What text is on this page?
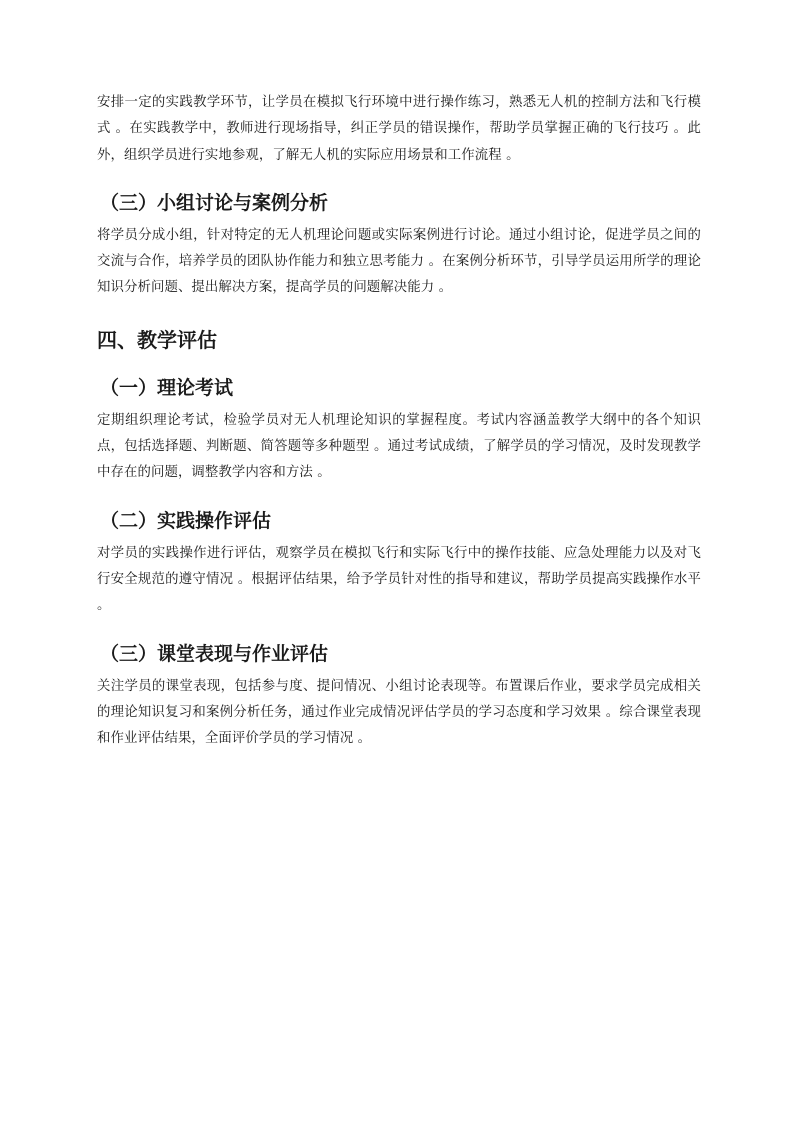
安排一定的实践教学环节，让学员在模拟飞行环境中进行操作练习，熟悉无人机的控制方法和飞行模式 。在实践教学中，教师进行现场指导，纠正学员的错误操作，帮助学员掌握正确的飞行技巧 。此外，组织学员进行实地参观，了解无人机的实际应用场景和工作流程 。

（三）小组讨论与案例分析

将学员分成小组，针对特定的无人机理论问题或实际案例进行讨论。通过小组讨论，促进学员之间的交流与合作，培养学员的团队协作能力和独立思考能力 。在案例分析环节，引导学员运用所学的理论知识分析问题、提出解决方案，提高学员的问题解决能力 。

四、教学评估
（一）理论考试

定期组织理论考试，检验学员对无人机理论知识的掌握程度。考试内容涵盖教学大纲中的各个知识点，包括选择题、判断题、简答题等多种题型 。通过考试成绩，了解学员的学习情况，及时发现教学中存在的问题，调整教学内容和方法 。

（二）实践操作评估

对学员的实践操作进行评估，观察学员在模拟飞行和实际飞行中的操作技能、应急处理能力以及对飞行安全规范的遵守情况 。根据评估结果，给予学员针对性的指导和建议，帮助学员提高实践操作水平 。

（三）课堂表现与作业评估

关注学员的课堂表现，包括参与度、提问情况、小组讨论表现等。布置课后作业，要求学员完成相关的理论知识复习和案例分析任务，通过作业完成情况评估学员的学习态度和学习效果 。综合课堂表现和作业评估结果，全面评价学员的学习情况 。
